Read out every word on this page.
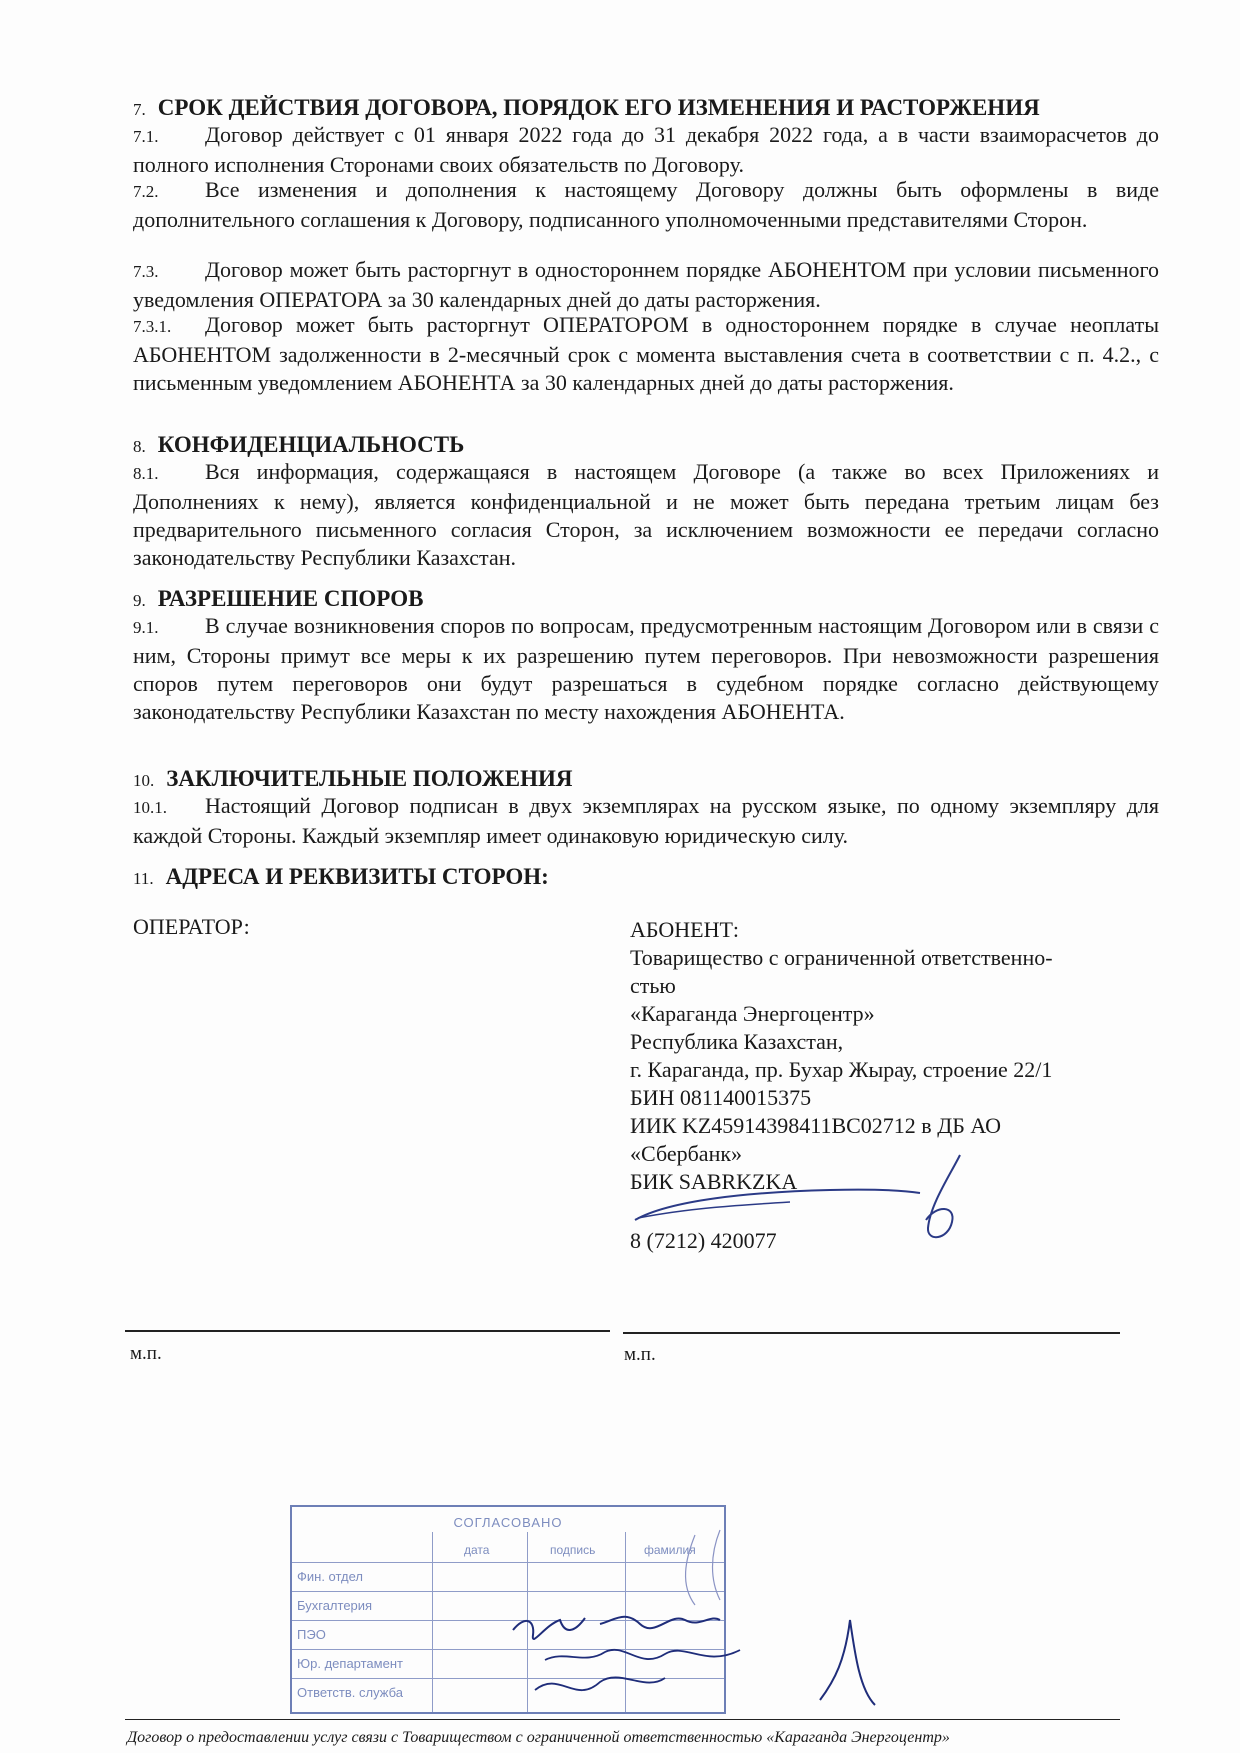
7. СРОК ДЕЙСТВИЯ ДОГОВОРА, ПОРЯДОК ЕГО ИЗМЕНЕНИЯ И РАСТОРЖЕНИЯ
7.1. Договор действует с 01 января 2022 года до 31 декабря 2022 года, а в части взаиморасчетов до полного исполнения Сторонами своих обязательств по Договору.
7.2. Все изменения и дополнения к настоящему Договору должны быть оформлены в виде дополнительного соглашения к Договору, подписанного уполномоченными представителями Сторон.
7.3. Договор может быть расторгнут в одностороннем порядке АБОНЕНТОМ при условии письменного уведомления ОПЕРАТОРА за 30 календарных дней до даты расторжения.
7.3.1. Договор может быть расторгнут ОПЕРАТОРОМ в одностороннем порядке в случае неоплаты АБОНЕНТОМ задолженности в 2-месячный срок с момента выставления счета в соответствии с п. 4.2., с письменным уведомлением АБОНЕНТА за 30 календарных дней до даты расторжения.
8. КОНФИДЕНЦИАЛЬНОСТЬ
8.1. Вся информация, содержащаяся в настоящем Договоре (а также во всех Приложениях и Дополнениях к нему), является конфиденциальной и не может быть передана третьим лицам без предварительного письменного согласия Сторон, за исключением возможности ее передачи согласно законодательству Республики Казахстан.
9. РАЗРЕШЕНИЕ СПОРОВ
9.1. В случае возникновения споров по вопросам, предусмотренным настоящим Договором или в связи с ним, Стороны примут все меры к их разрешению путем переговоров. При невозможности разрешения споров путем переговоров они будут разрешаться в судебном порядке согласно действующему законодательству Республики Казахстан по месту нахождения АБОНЕНТА.
10. ЗАКЛЮЧИТЕЛЬНЫЕ ПОЛОЖЕНИЯ
10.1. Настоящий Договор подписан в двух экземплярах на русском языке, по одному экземпляру для каждой Стороны. Каждый экземпляр имеет одинаковую юридическую силу.
11. АДРЕСА И РЕКВИЗИТЫ СТОРОН:
ОПЕРАТОР:	АБОНЕНТ:
Товарищество с ограниченной ответственно-
стью
«Караганда Энергоцентр»
Республика Казахстан,
г. Караганда, пр. Бухар Жырау, строение 22/1
БИН 081140015375
ИИК KZ45914398411BC02712 в ДБ АО
«Сбербанк»
БИК SABRKZKA
8 (7212) 420077
м.п.	м.п.
СОГЛАСОВАНО
дата	подпись	фамилия
Фин. отдел
Бухгалтерия
ПЭО
Юр. департамент
Ответств. служба
Договор о предоставлении услуг связи с Товариществом с ограниченной ответственностью «Караганда Энергоцентр»
